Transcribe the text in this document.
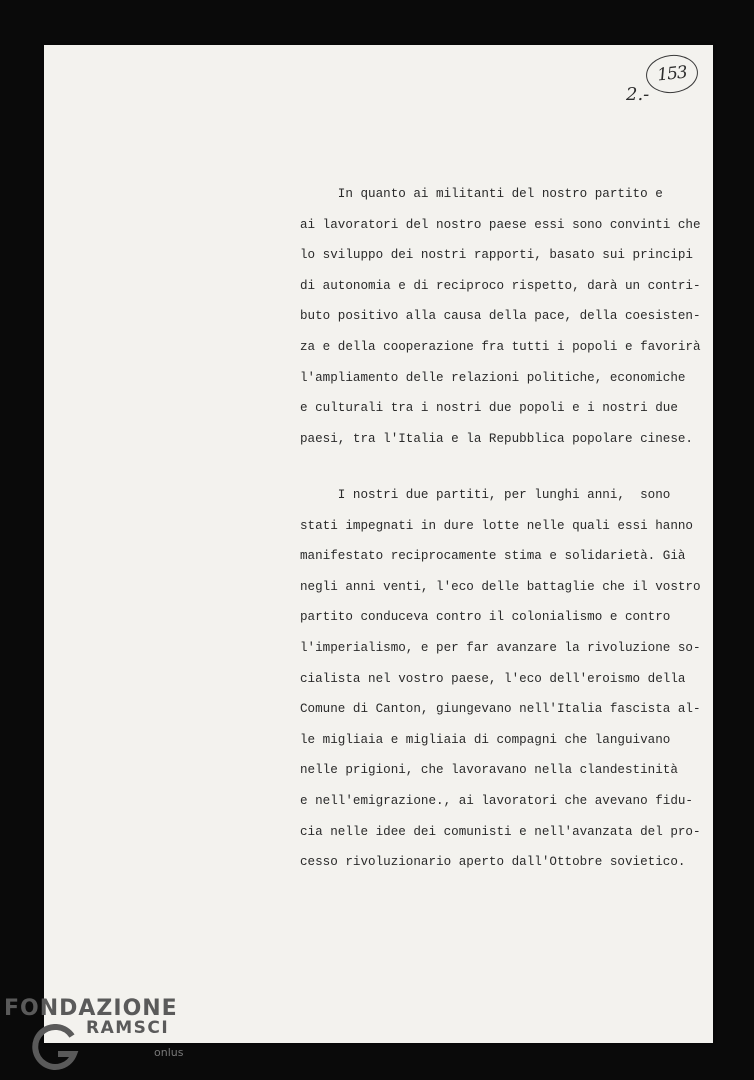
153
2.-
In quanto ai militanti del nostro partito e
ai lavoratori del nostro paese essi sono convinti che
lo sviluppo dei nostri rapporti, basato sui principi
di autonomia e di reciproco rispetto, darà un contri-
buto positivo alla causa della pace, della coesisten-
za e della cooperazione fra tutti i popoli e favorirà
l'ampliamento delle relazioni politiche, economiche
e culturali tra i nostri due popoli e i nostri due
paesi, tra l'Italia e la Repubblica popolare cinese.
I nostri due partiti, per lunghi anni,  sono
stati impegnati in dure lotte nelle quali essi hanno
manifestato reciprocamente stima e solidarietà. Già
negli anni venti, l'eco delle battaglie che il vostro
partito conduceva contro il colonialismo e contro
l'imperialismo, e per far avanzare la rivoluzione so-
cialista nel vostro paese, l'eco dell'eroismo della
Comune di Canton, giungevano nell'Italia fascista al-
le migliaia e migliaia di compagni che languivano
nelle prigioni, che lavoravano nella clandestinità
e nell'emigrazione., ai lavoratori che avevano fidu-
cia nelle idee dei comunisti e nell'avanzata del pro-
cesso rivoluzionario aperto dall'Ottobre sovietico.
FONDAZIONE
RAMSCI
onlus
